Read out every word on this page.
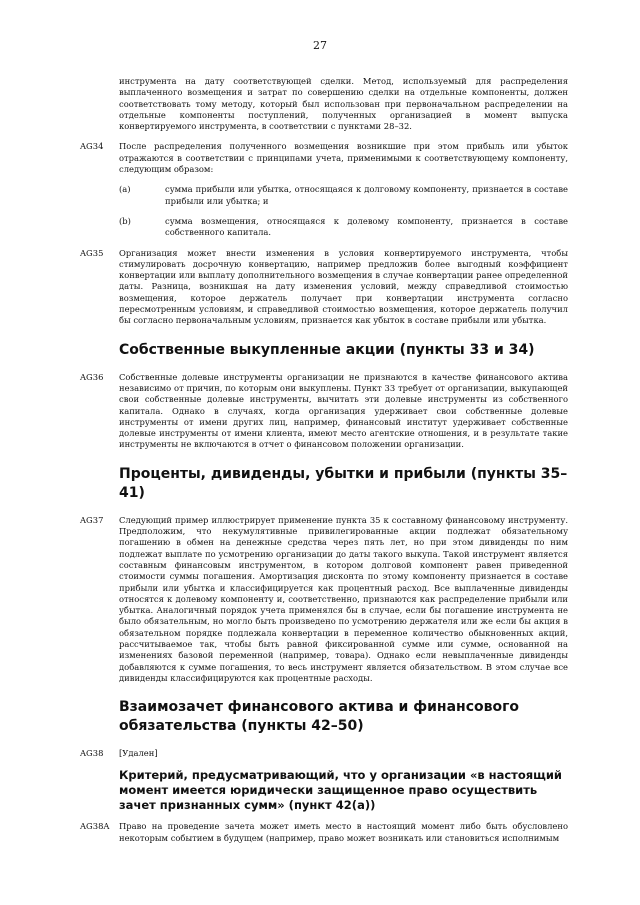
27
инструмента на дату соответствующей сделки. Метод, используемый для распределения выплаченного возмещения и затрат по совершению сделки на отдельные компоненты, должен соответствовать тому методу, который был использован при первоначальном распределении на отдельные компоненты поступлений, полученных организацией в момент выпуска конвертируемого инструмента, в соответствии с пунктами 28–32.
AG34	После распределения полученного возмещения возникшие при этом прибыль или убыток отражаются в соответствии с принципами учета, применимыми к соответствующему компоненту, следующим образом:
(a)	сумма прибыли или убытка, относящаяся к долговому компоненту, признается в составе прибыли или убытка; и
(b)	сумма возмещения, относящаяся к долевому компоненту, признается в составе собственного капитала.
AG35	Организация может внести изменения в условия конвертируемого инструмента, чтобы стимулировать досрочную конвертацию, например предложив более выгодный коэффициент конвертации или выплату дополнительного возмещения в случае конвертации ранее определенной даты. Разница, возникшая на дату изменения условий, между справедливой стоимостью возмещения, которое держатель получает при конвертации инструмента согласно пересмотренным условиям, и справедливой стоимостью возмещения, которое держатель получил бы согласно первоначальным условиям, признается как убыток в составе прибыли или убытка.
Собственные выкупленные акции (пункты 33 и 34)
AG36	Собственные долевые инструменты организации не признаются в качестве финансового актива независимо от причин, по которым они выкуплены. Пункт 33 требует от организации, выкупающей свои собственные долевые инструменты, вычитать эти долевые инструменты из собственного капитала. Однако в случаях, когда организация удерживает свои собственные долевые инструменты от имени других лиц, например, финансовый институт удерживает собственные долевые инструменты от имени клиента, имеют место агентские отношения, и в результате такие инструменты не включаются в отчет о финансовом положении организации.
Проценты, дивиденды, убытки и прибыли (пункты 35–41)
AG37	Следующий пример иллюстрирует применение пункта 35 к составному финансовому инструменту. Предположим, что некумулятивные привилегированные акции подлежат обязательному погашению в обмен на денежные средства через пять лет, но при этом дивиденды по ним подлежат выплате по усмотрению организации до даты такого выкупа. Такой инструмент является составным финансовым инструментом, в котором долговой компонент равен приведенной стоимости суммы погашения. Амортизация дисконта по этому компоненту признается в составе прибыли или убытка и классифицируется как процентный расход. Все выплаченные дивиденды относятся к долевому компоненту и, соответственно, признаются как распределение прибыли или убытка. Аналогичный порядок учета применялся бы в случае, если бы погашение инструмента не было обязательным, но могло быть произведено по усмотрению держателя или же если бы акция в обязательном порядке подлежала конвертации в переменное количество обыкновенных акций, рассчитываемое так, чтобы быть равной фиксированной сумме или сумме, основанной на изменениях базовой переменной (например, товара). Однако если невыплаченные дивиденды добавляются к сумме погашения, то весь инструмент является обязательством. В этом случае все дивиденды классифицируются как процентные расходы.
Взаимозачет финансового актива и финансового обязательства (пункты 42–50)
AG38	[Удален]
Критерий, предусматривающий, что у организации «в настоящий момент имеется юридически защищенное право осуществить зачет признанных сумм» (пункт 42(а))
AG38A	Право на проведение зачета может иметь место в настоящий момент либо быть обусловлено некоторым событием в будущем (например, право может возникать или становиться исполнимым
